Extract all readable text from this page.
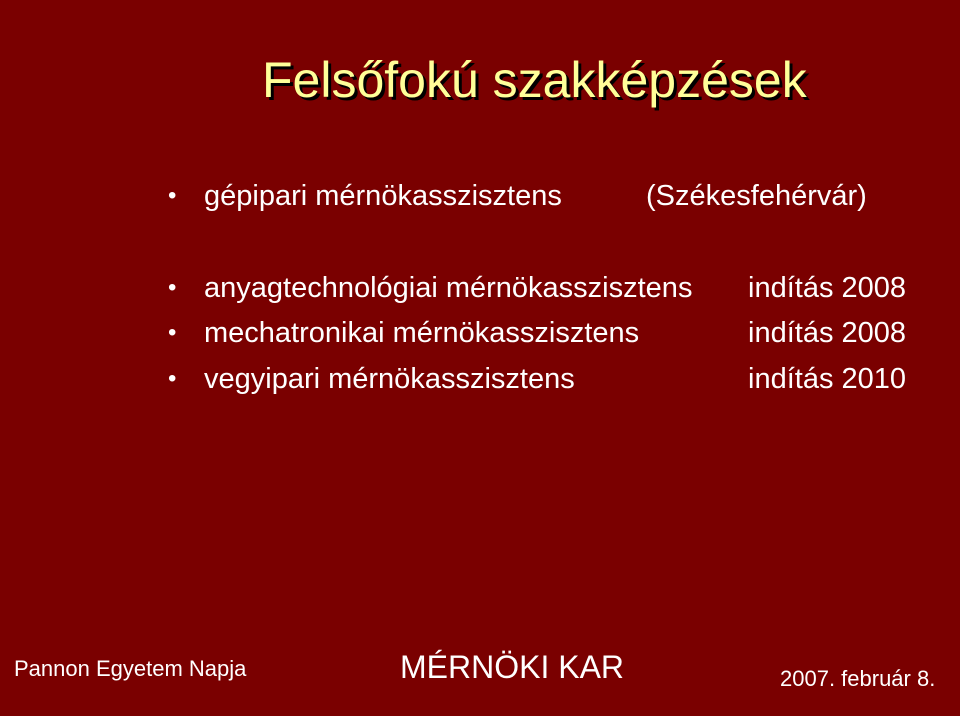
Felsőfokú szakképzések
• gépipari mérnökasszisztens	(Székesfehérvár)
• anyagtechnológiai mérnökasszisztens indítás 2008
• mechatronikai mérnökasszisztens	indítás 2008
• vegyipari mérnökasszisztens	indítás 2010
Pannon Egyetem Napja	MÉRNÖKI KAR	2007. február 8.
